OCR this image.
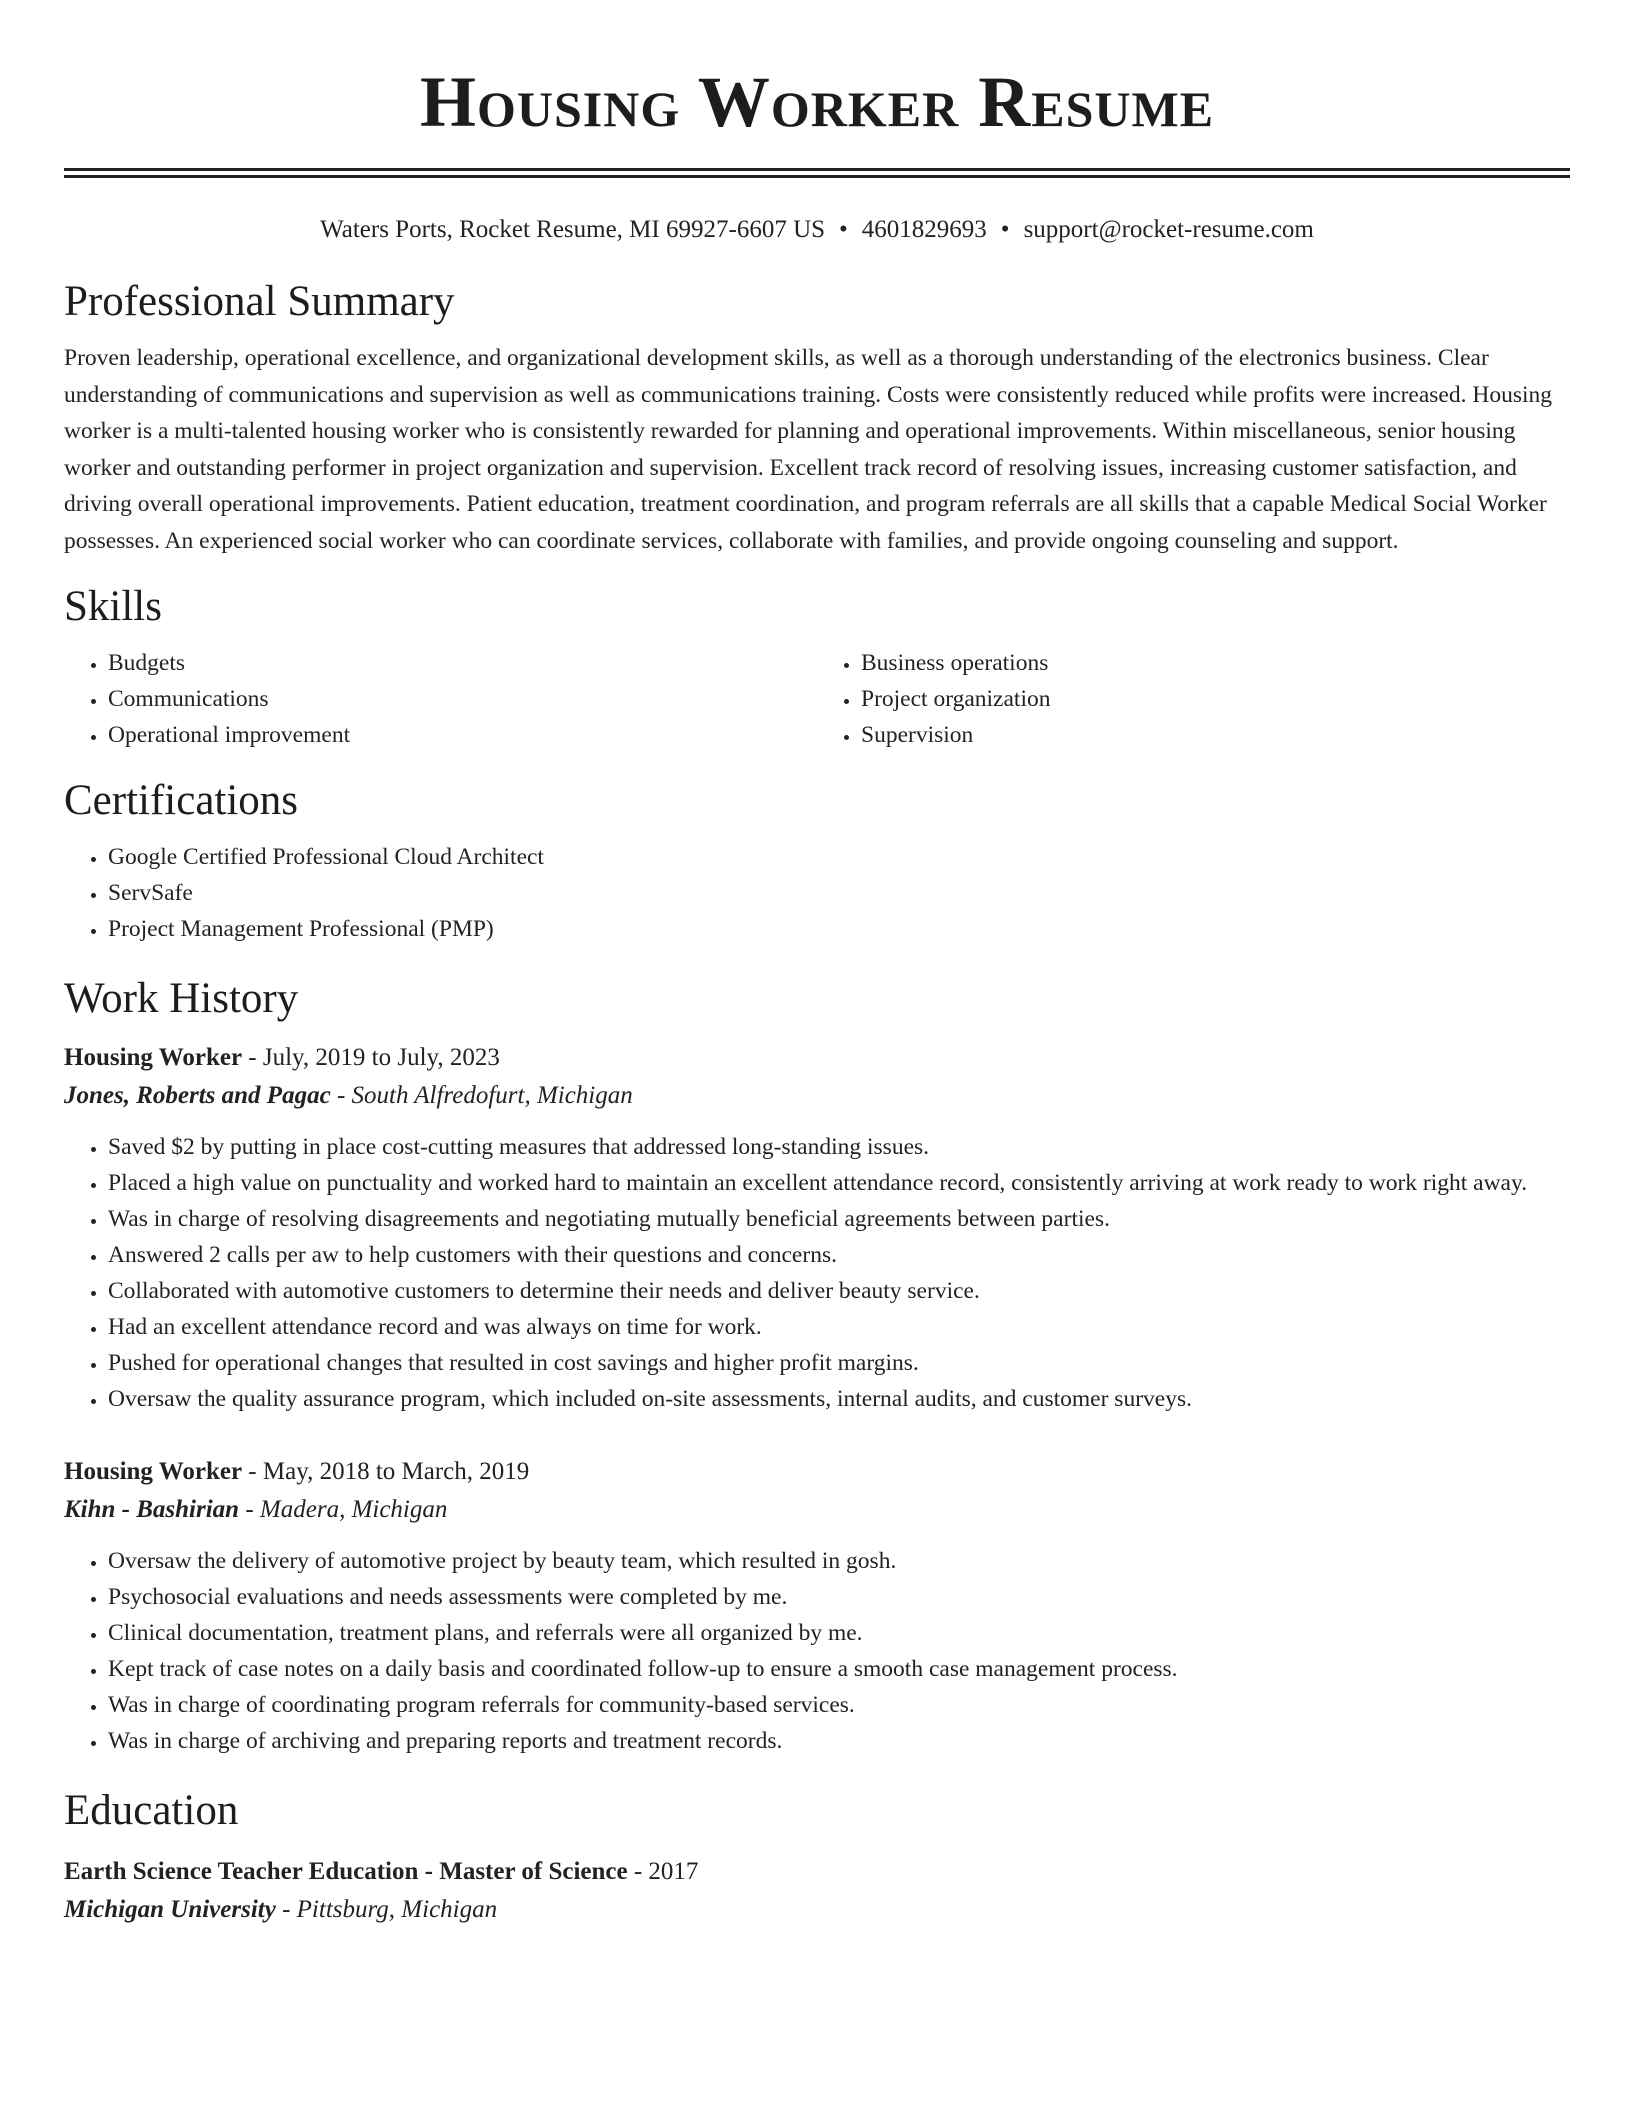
Housing Worker Resume
Waters Ports, Rocket Resume, MI 69927-6607 US • 4601829693 • support@rocket-resume.com
Professional Summary

Proven leadership, operational excellence, and organizational development skills, as well as a thorough understanding of the electronics business. Clear understanding of communications and supervision as well as communications training. Costs were consistently reduced while profits were increased. Housing worker is a multi-talented housing worker who is consistently rewarded for planning and operational improvements. Within miscellaneous, senior housing worker and outstanding performer in project organization and supervision. Excellent track record of resolving issues, increasing customer satisfaction, and driving overall operational improvements. Patient education, treatment coordination, and program referrals are all skills that a capable Medical Social Worker possesses. An experienced social worker who can coordinate services, collaborate with families, and provide ongoing counseling and support.

Skills
• Budgets
• Communications
• Operational improvement
• Business operations
• Project organization
• Supervision
Certifications
• Google Certified Professional Cloud Architect
• ServSafe
• Project Management Professional (PMP)
Work History
Housing Worker - July, 2019 to July, 2023
Jones, Roberts and Pagac - South Alfredofurt, Michigan
• Saved $2 by putting in place cost-cutting measures that addressed long-standing issues.
• Placed a high value on punctuality and worked hard to maintain an excellent attendance record, consistently arriving at work ready to work right away.
• Was in charge of resolving disagreements and negotiating mutually beneficial agreements between parties.
• Answered 2 calls per aw to help customers with their questions and concerns.
• Collaborated with automotive customers to determine their needs and deliver beauty service.
• Had an excellent attendance record and was always on time for work.
• Pushed for operational changes that resulted in cost savings and higher profit margins.
• Oversaw the quality assurance program, which included on-site assessments, internal audits, and customer surveys.
Housing Worker - May, 2018 to March, 2019
Kihn - Bashirian - Madera, Michigan
• Oversaw the delivery of automotive project by beauty team, which resulted in gosh.
• Psychosocial evaluations and needs assessments were completed by me.
• Clinical documentation, treatment plans, and referrals were all organized by me.
• Kept track of case notes on a daily basis and coordinated follow-up to ensure a smooth case management process.
• Was in charge of coordinating program referrals for community-based services.
• Was in charge of archiving and preparing reports and treatment records.
Education
Earth Science Teacher Education - Master of Science - 2017
Michigan University - Pittsburg, Michigan
